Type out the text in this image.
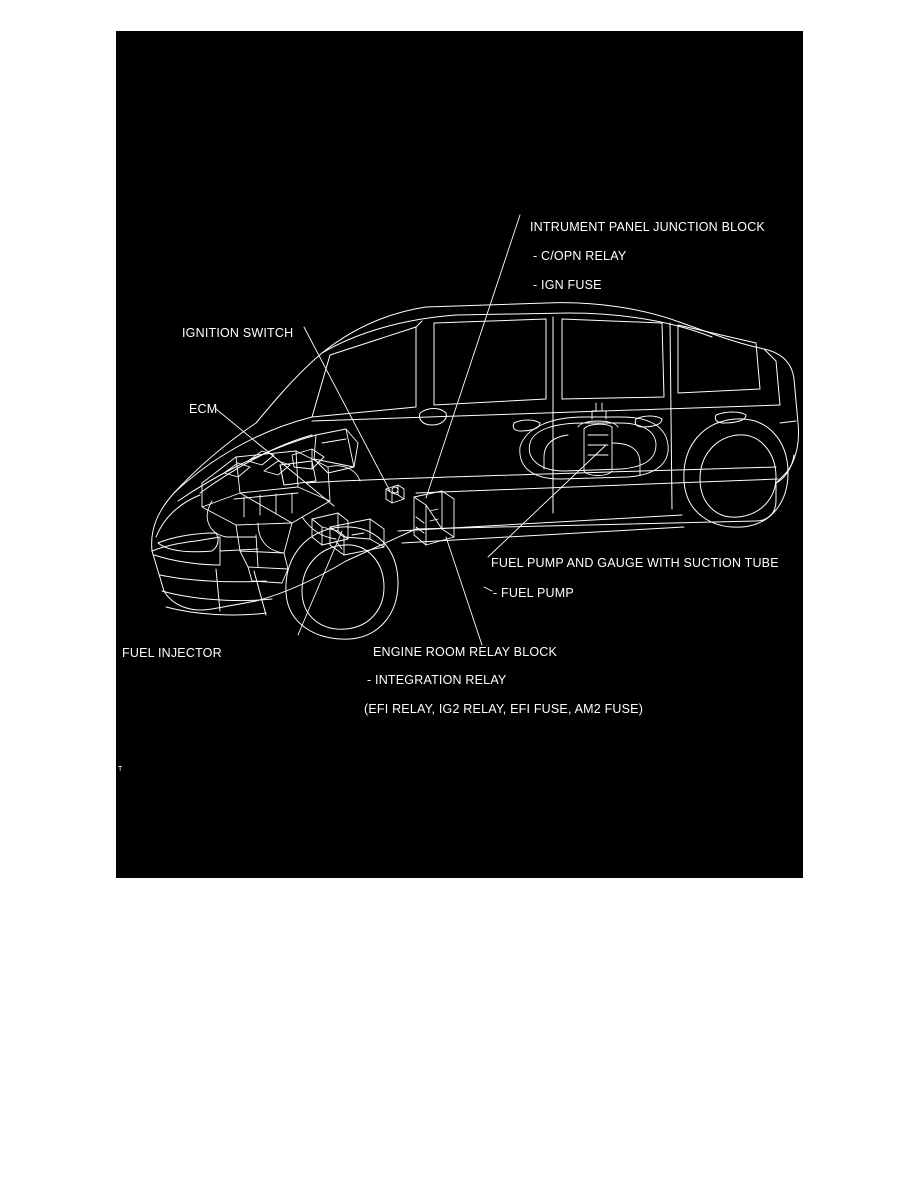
INTRUMENT PANEL JUNCTION BLOCK
- C/OPN RELAY
- IGN FUSE
IGNITION SWITCH
ECM
FUEL PUMP AND GAUGE WITH SUCTION TUBE
- FUEL PUMP
FUEL INJECTOR	ENGINE ROOM RELAY BLOCK
- INTEGRATION RELAY
(EFI RELAY, IG2 RELAY, EFI FUSE, AM2 FUSE)
T
